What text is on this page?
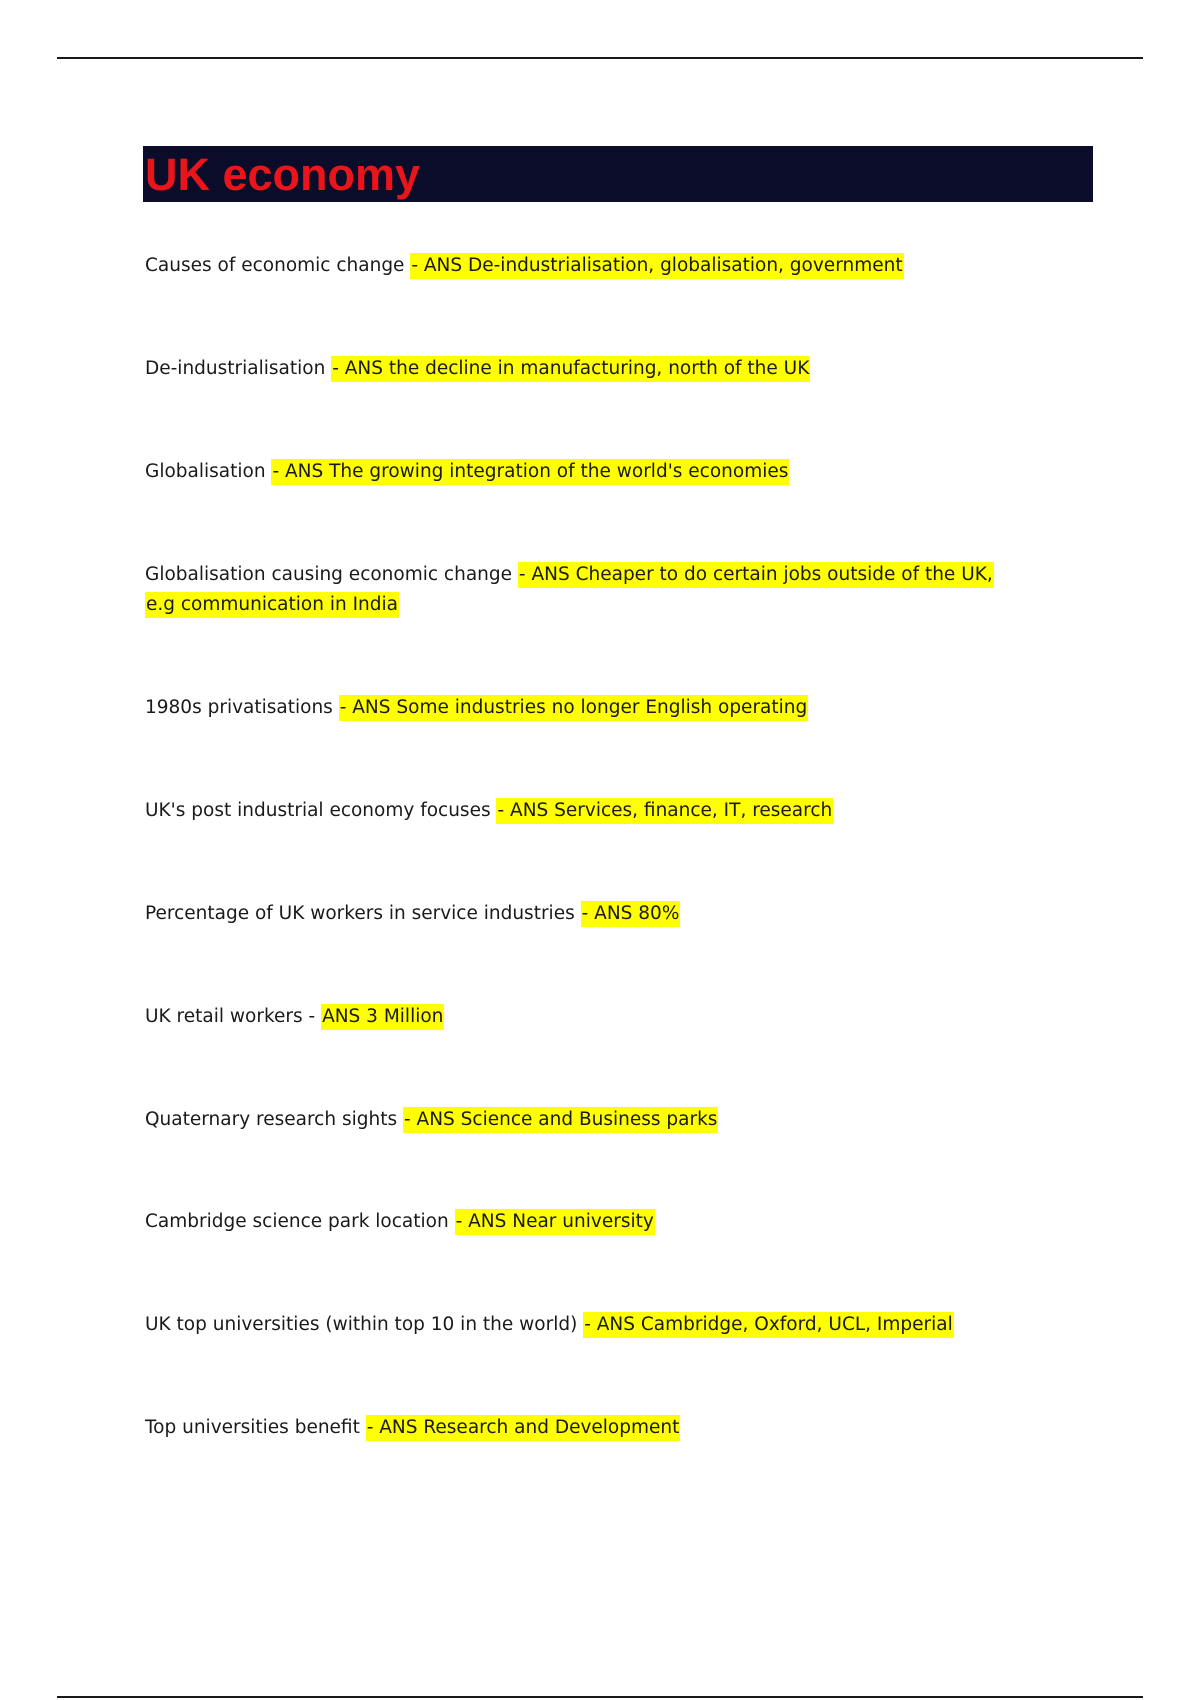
UK economy
Causes of economic change - ANS De-industrialisation, globalisation, government
De-industrialisation - ANS the decline in manufacturing, north of the UK
Globalisation - ANS The growing integration of the world's economies
Globalisation causing economic change - ANS Cheaper to do certain jobs outside of the UK, e.g communication in India
1980s privatisations - ANS Some industries no longer English operating
UK's post industrial economy focuses - ANS Services, finance, IT, research
Percentage of UK workers in service industries - ANS 80%
UK retail workers - ANS 3 Million
Quaternary research sights - ANS Science and Business parks
Cambridge science park location - ANS Near university
UK top universities (within top 10 in the world) - ANS Cambridge, Oxford, UCL, Imperial
Top universities benefit - ANS Research and Development
